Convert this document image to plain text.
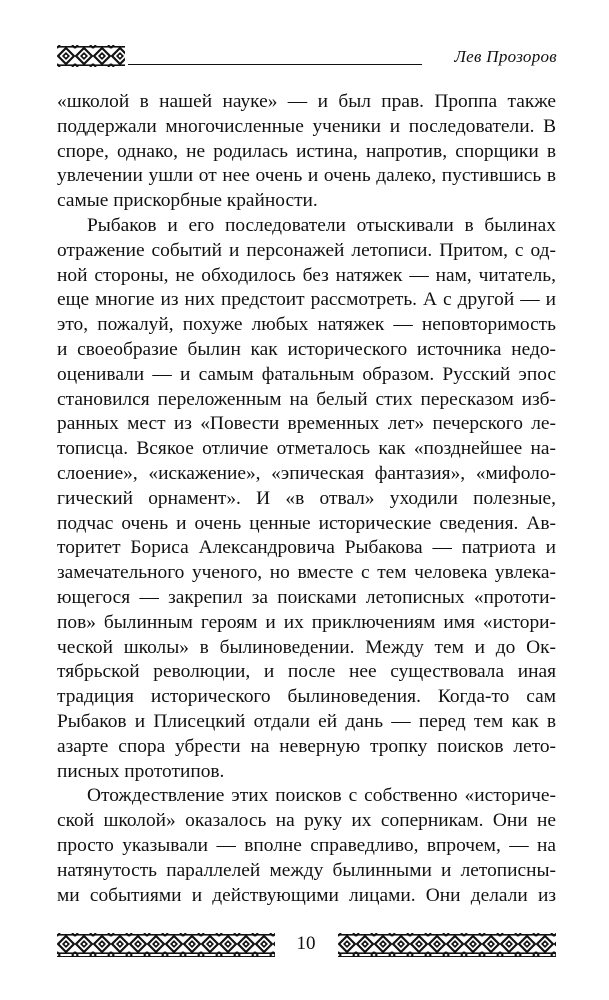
Лев Прозоров
«школой в нашей науке» — и был прав. Проппа также
поддержали многочисленные ученики и последователи. В
споре, однако, не родилась истина, напротив, спорщики в
увлечении ушли от нее очень и очень далеко, пустившись в
самые прискорбные крайности.
Рыбаков и его последователи отыскивали в былинах
отражение событий и персонажей летописи. Притом, с од-
ной стороны, не обходилось без натяжек — нам, читатель,
еще многие из них предстоит рассмотреть. А с другой — и
это, пожалуй, похуже любых натяжек — неповторимость
и своеобразие былин как исторического источника недо-
оценивали — и самым фатальным образом. Русский эпос
становился переложенным на белый стих пересказом изб-
ранных мест из «Повести временных лет» печерского ле-
тописца. Всякое отличие отметалось как «позднейшее на-
слоение», «искажение», «эпическая фантазия», «мифоло-
гический орнамент». И «в отвал» уходили полезные,
подчас очень и очень ценные исторические сведения. Ав-
торитет Бориса Александровича Рыбакова — патриота и
замечательного ученого, но вместе с тем человека увлека-
ющегося — закрепил за поисками летописных «прототи-
пов» былинным героям и их приключениям имя «истори-
ческой школы» в былиноведении. Между тем и до Ок-
тябрьской революции, и после нее существовала иная
традиция исторического былиноведения. Когда-то сам
Рыбаков и Плисецкий отдали ей дань — перед тем как в
азарте спора убрести на неверную тропку поисков лето-
писных прототипов.
Отождествление этих поисков с собственно «историче-
ской школой» оказалось на руку их соперникам. Они не
просто указывали — вполне справедливо, впрочем, — на
натянутость параллелей между былинными и летописны-
ми событиями и действующими лицами. Они делали из
10
